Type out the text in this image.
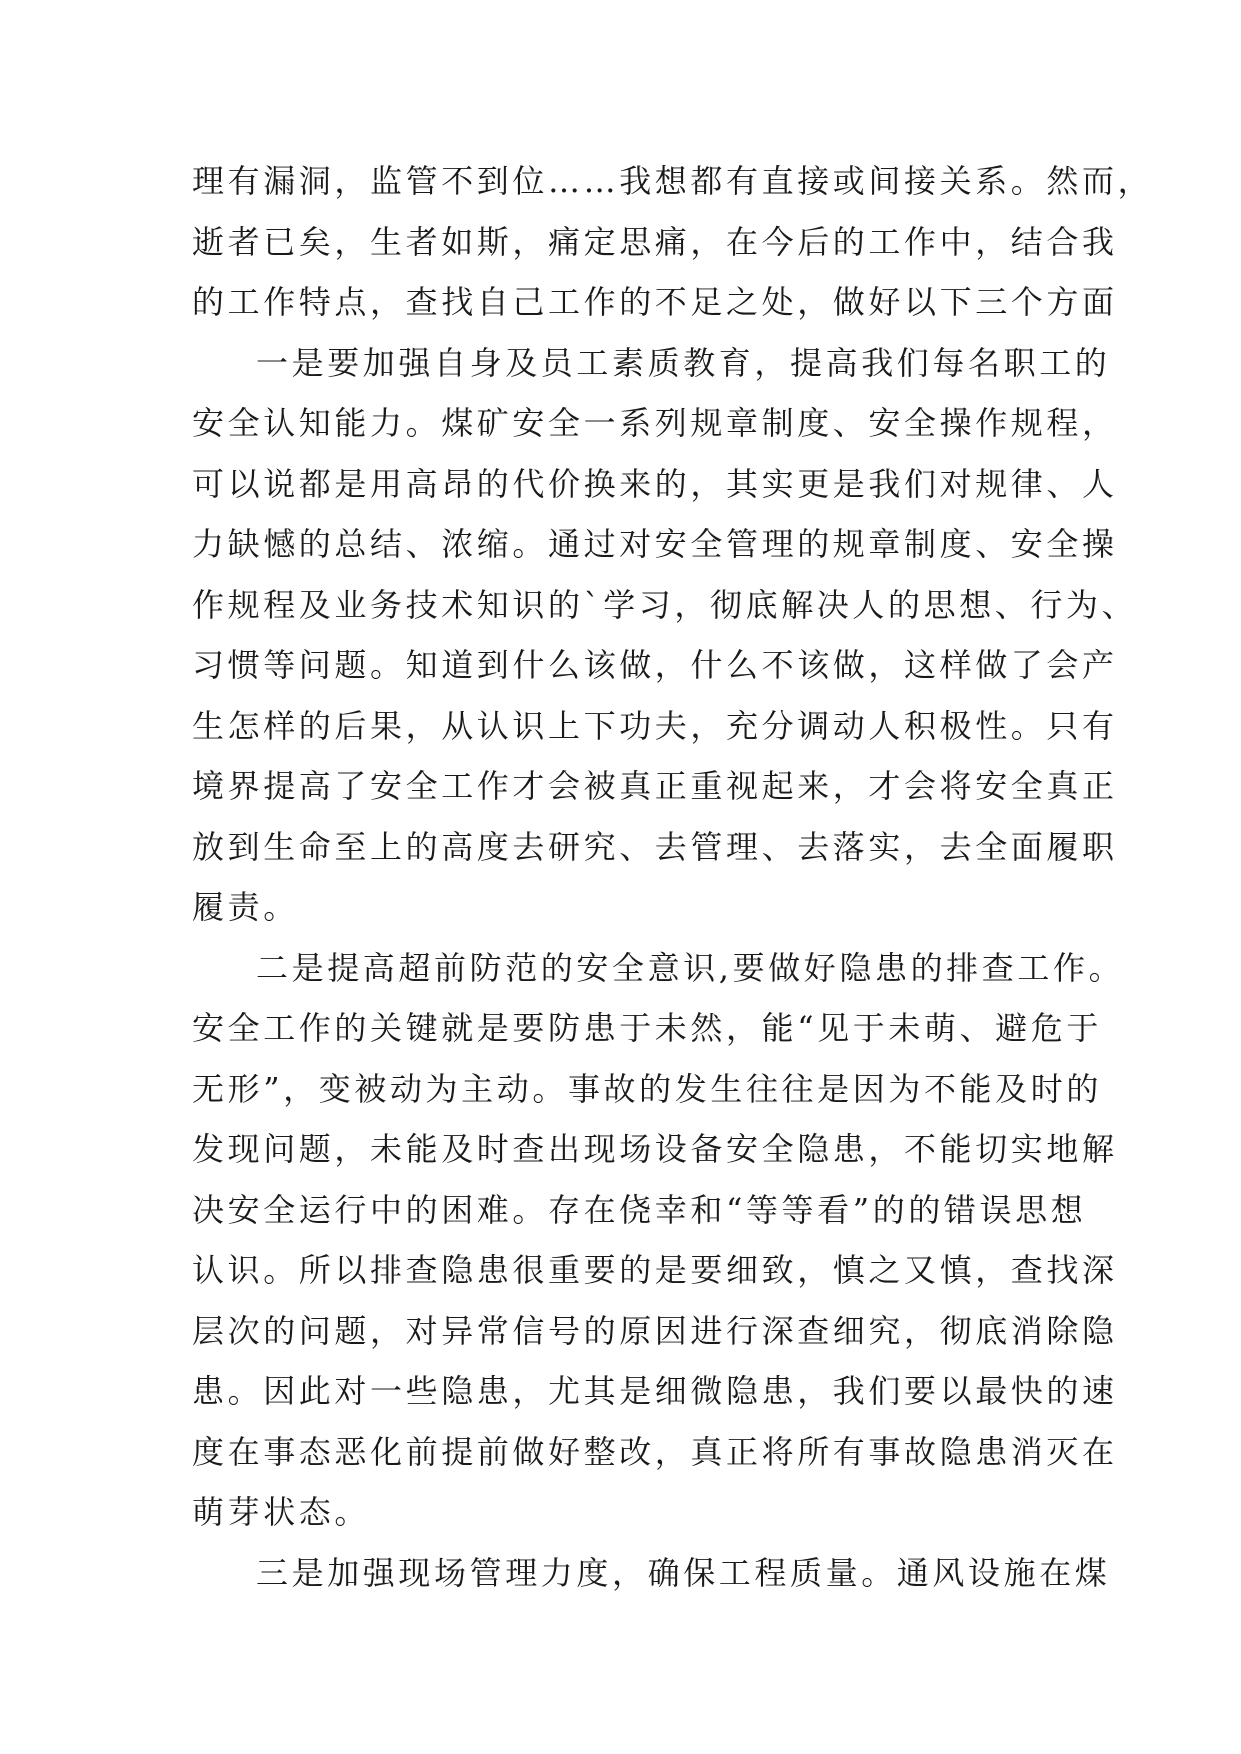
理有漏洞，监管不到位……我想都有直接或间接关系。然而，
逝者已矣，生者如斯，痛定思痛，在今后的工作中，结合我
的工作特点，查找自己工作的不足之处，做好以下三个方面
一是要加强自身及员工素质教育，提高我们每名职工的
安全认知能力。煤矿安全一系列规章制度、安全操作规程，
可以说都是用高昂的代价换来的，其实更是我们对规律、人
力缺憾的总结、浓缩。通过对安全管理的规章制度、安全操
作规程及业务技术知识的`学习，彻底解决人的思想、行为、
习惯等问题。知道到什么该做，什么不该做，这样做了会产
生怎样的后果，从认识上下功夫，充分调动人积极性。只有
境界提高了安全工作才会被真正重视起来，才会将安全真正
放到生命至上的高度去研究、去管理、去落实，去全面履职
履责。
二是提高超前防范的安全意识,要做好隐患的排查工作。
安全工作的关键就是要防患于未然，能“见于未萌、避危于
无形”，变被动为主动。事故的发生往往是因为不能及时的
发现问题，未能及时查出现场设备安全隐患，不能切实地解
决安全运行中的困难。存在侥幸和“等等看”的的错误思想
认识。所以排查隐患很重要的是要细致，慎之又慎，查找深
层次的问题，对异常信号的原因进行深查细究，彻底消除隐
患。因此对一些隐患，尤其是细微隐患，我们要以最快的速
度在事态恶化前提前做好整改，真正将所有事故隐患消灭在
萌芽状态。
三是加强现场管理力度，确保工程质量。通风设施在煤
